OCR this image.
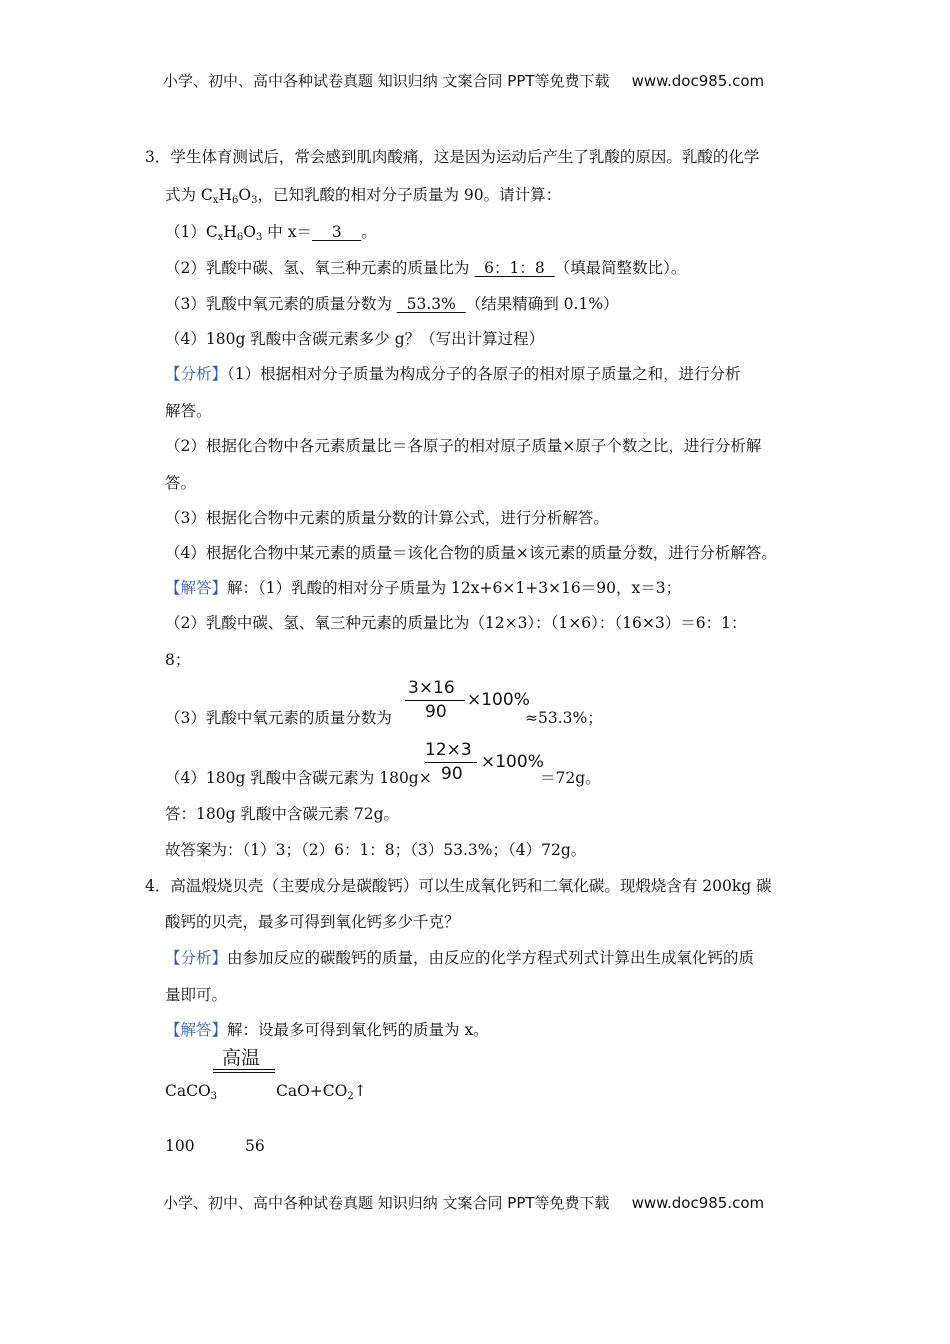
小学、初中、高中各种试卷真题 知识归纳 文案合同 PPT等免费下载 www.doc985.com
3．学生体育测试后，常会感到肌肉酸痛，这是因为运动后产生了乳酸的原因。乳酸的化学
式为 $C_xH_6O_3$，已知乳酸的相对分子质量为 90。请计算：
$(1)C_xH_6O_3$ 中 x＝    3    。
（2）乳酸中碳、氢、氧三种元素的质量比为   6：1：8  （填最简整数比）。
（3）乳酸中氧元素的质量分数为   53.3%  （结果精确到 0.1%）
（4）180g 乳酸中含碳元素多少 g？（写出计算过程）
【分析】（1）根据相对分子质量为构成分子的各原子的相对原子质量之和，进行分析
解答。
（2）根据化合物中各元素质量比＝各原子的相对原子质量×原子个数之比，进行分析解
答。
（3）根据化合物中元素的质量分数的计算公式，进行分析解答。
（4）根据化合物中某元素的质量＝该化合物的质量×该元素的质量分数，进行分析解答。
【解答】解：（1）乳酸的相对分子质量为 12x+6×1+3×16＝90，x＝3；
（2）乳酸中碳、氢、氧三种元素的质量比为（12×3）：（1×6）：（16×3）＝6：1：
8；
（3）乳酸中氧元素的质量分数为
3×16
90
×100%
≈53.3%；
（4）180g 乳酸中含碳元素为 180g×
12×3
90
×100%
＝72g。
答：180g 乳酸中含碳元素 72g。
故答案为：（1）3；（2）6：1：8；（3）53.3%；（4）72g。
4．高温煅烧贝壳（主要成分是碳酸钙）可以生成氧化钙和二氧化碳。现煅烧含有 200kg 碳
酸钙的贝壳，最多可得到氧化钙多少千克？
【分析】由参加反应的碳酸钙的质量，由反应的化学方程式列式计算出生成氧化钙的质
量即可。
【解答】解：设最多可得到氧化钙的质量为 x。
高温
CaCO$_3$	$CaO+CO_2↑$
100	56
小学、初中、高中各种试卷真题 知识归纳 文案合同 PPT等免费下载 www.doc985.com
